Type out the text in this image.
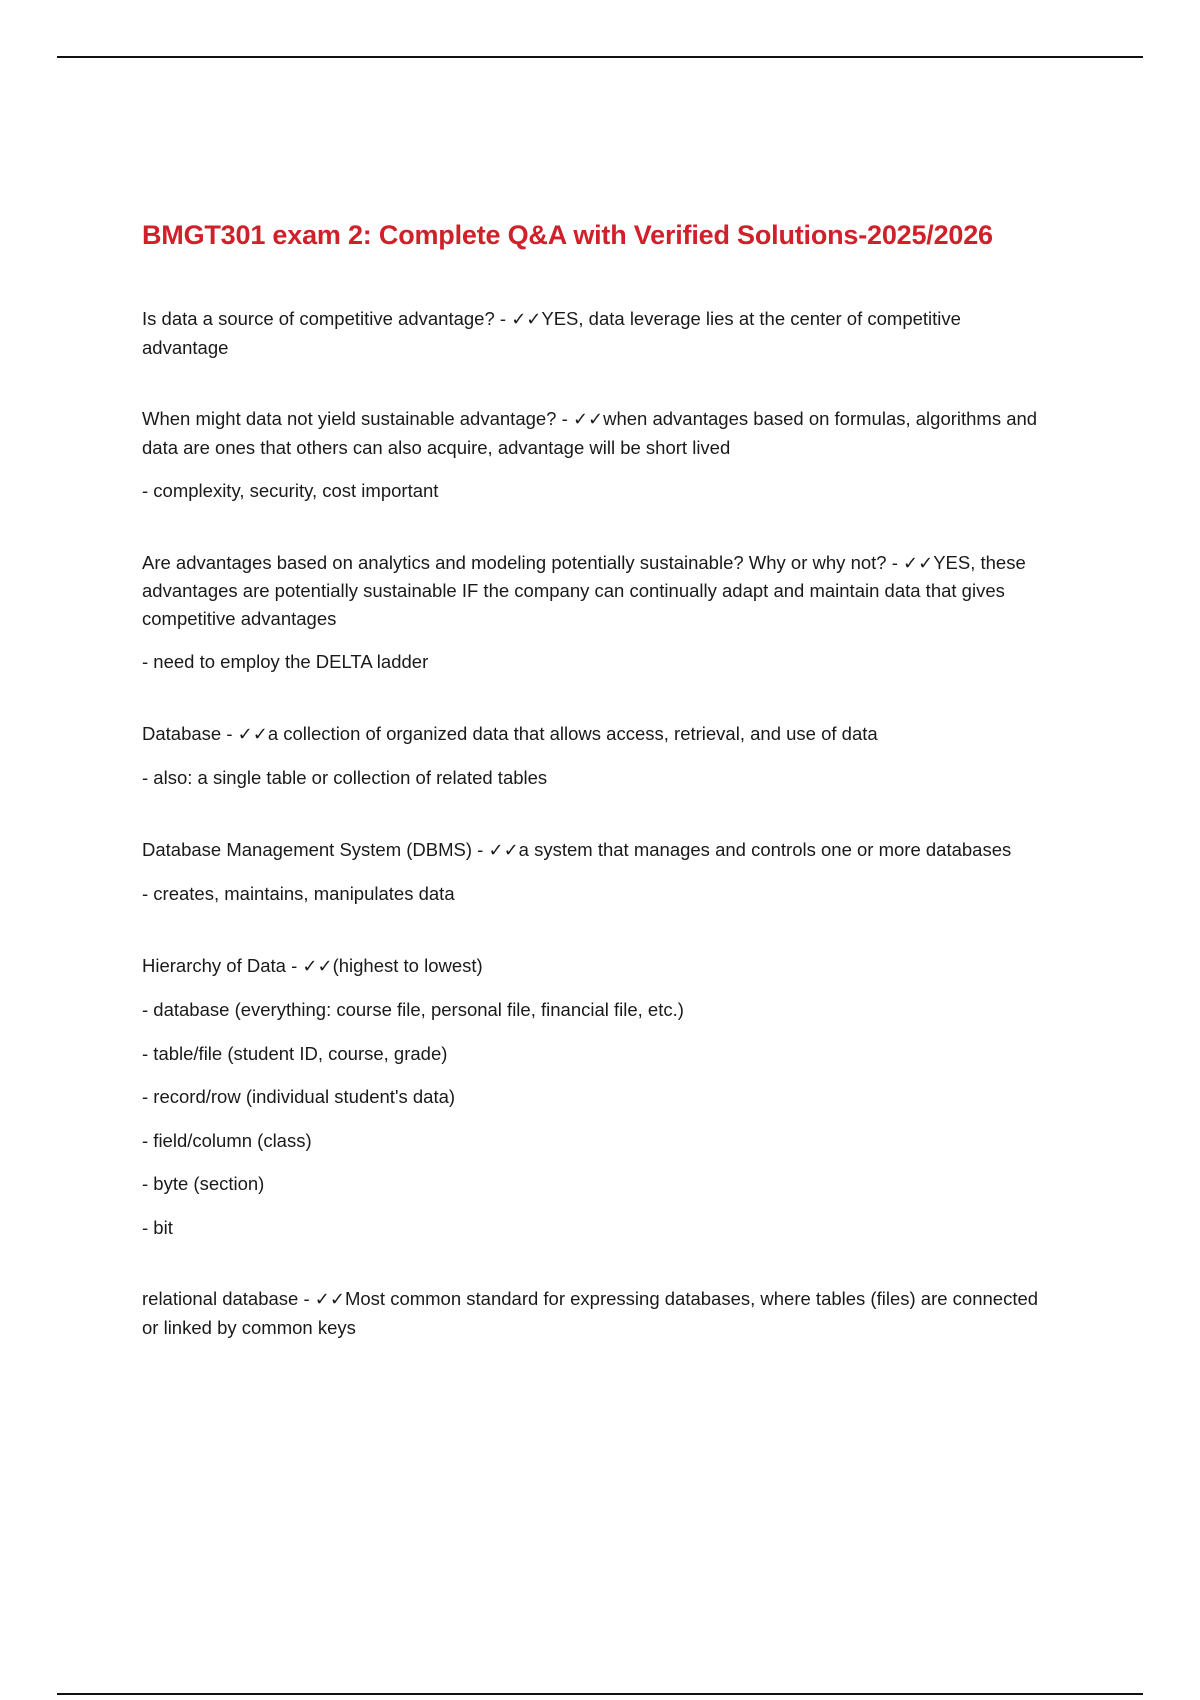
BMGT301 exam 2: Complete Q&A with Verified Solutions-2025/2026

Is data a source of competitive advantage? - ✓✓YES, data leverage lies at the center of competitive advantage

When might data not yield sustainable advantage? - ✓✓when advantages based on formulas, algorithms and data are ones that others can also acquire, advantage will be short lived

- complexity, security, cost important

Are advantages based on analytics and modeling potentially sustainable? Why or why not? - ✓✓YES, these advantages are potentially sustainable IF the company can continually adapt and maintain data that gives competitive advantages

- need to employ the DELTA ladder

Database - ✓✓a collection of organized data that allows access, retrieval, and use of data

- also: a single table or collection of related tables

Database Management System (DBMS) - ✓✓a system that manages and controls one or more databases

- creates, maintains, manipulates data

Hierarchy of Data - ✓✓(highest to lowest)

- database (everything: course file, personal file, financial file, etc.)

- table/file (student ID, course, grade)

- record/row (individual student's data)

- field/column (class)

- byte (section)

- bit

relational database - ✓✓Most common standard for expressing databases, where tables (files) are connected or linked by common keys
